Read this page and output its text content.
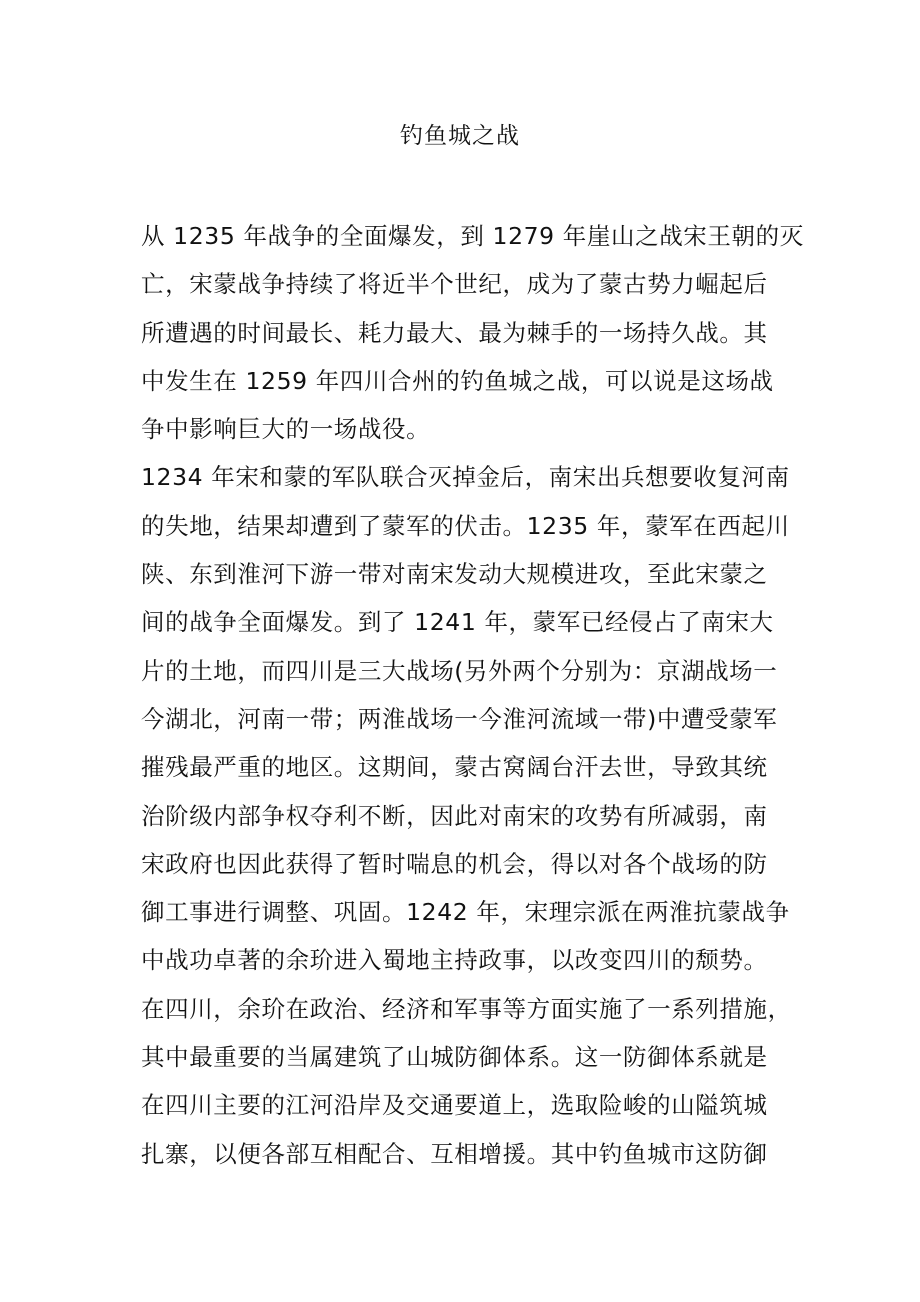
钓鱼城之战
从 1235 年战争的全面爆发，到 1279 年崖山之战宋王朝的灭
亡，宋蒙战争持续了将近半个世纪，成为了蒙古势力崛起后
所遭遇的时间最长、耗力最大、最为棘手的一场持久战。其
中发生在 1259 年四川合州的钓鱼城之战，可以说是这场战
争中影响巨大的一场战役。
1234 年宋和蒙的军队联合灭掉金后，南宋出兵想要收复河南
的失地，结果却遭到了蒙军的伏击。1235 年，蒙军在西起川
陕、东到淮河下游一带对南宋发动大规模进攻，至此宋蒙之
间的战争全面爆发。到了 1241 年，蒙军已经侵占了南宋大
片的土地，而四川是三大战场(另外两个分别为：京湖战场一
今湖北，河南一带；两淮战场一今淮河流域一带)中遭受蒙军
摧残最严重的地区。这期间，蒙古窝阔台汗去世，导致其统
治阶级内部争权夺利不断，因此对南宋的攻势有所减弱，南
宋政府也因此获得了暂时喘息的机会，得以对各个战场的防
御工事进行调整、巩固。1242 年，宋理宗派在两淮抗蒙战争
中战功卓著的余玠进入蜀地主持政事，以改变四川的颓势。
在四川，余玠在政治、经济和军事等方面实施了一系列措施，
其中最重要的当属建筑了山城防御体系。这一防御体系就是
在四川主要的江河沿岸及交通要道上，选取险峻的山隘筑城
扎寨，以便各部互相配合、互相增援。其中钓鱼城市这防御
